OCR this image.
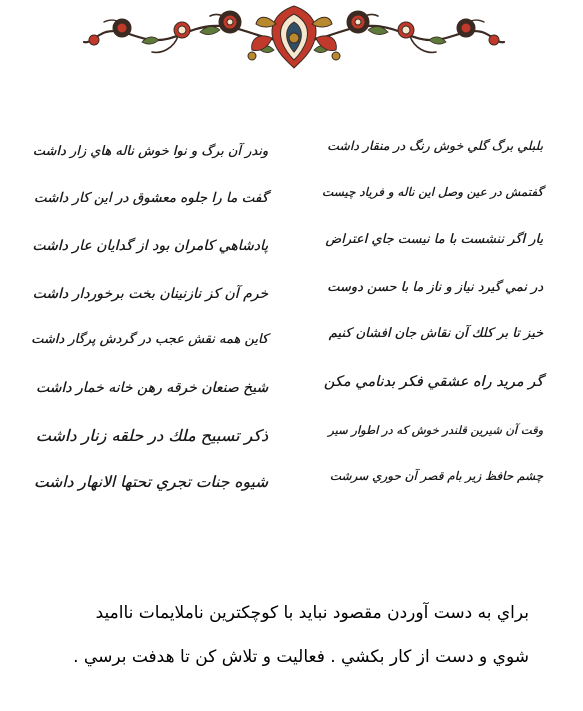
بلبلي برگ گلي خوش رنگ در منقار داشت
وندر آن برگ و نوا خوش ناله هاي زار داشت
گفتمش در عين وصل اين ناله و فرياد چيست
گفت ما را جلوه معشوق در اين كار داشت
يار اگر ننشست با ما نيست جاي اعتراض
پادشاهي كامران بود از گدايان عار داشت
در نمي گيرد نياز و ناز ما با حسن دوست
خرم آن كز نازنينان بخت برخوردار داشت
خيز تا بر كلك آن نقاش جان افشان كنيم
كاين همه نقش عجب در گردش پرگار داشت
گر مريد راه عشقي فكر بدنامي مكن
شيخ صنعان خرقه رهن خانه خمار داشت
وقت آن شيرين قلندر خوش كه در اطوار سير
ذكر تسبيح ملك در حلقه زنار داشت
چشم حافظ زير بام قصر آن حوري سرشت
شيوه جنات تجري تحتها الانهار داشت
براي به دست آوردن مقصود نبايد با كوچكترين ناملايمات نااميد
شوي و دست از كار بكشي . فعاليت و تلاش كن تا هدفت برسي .
